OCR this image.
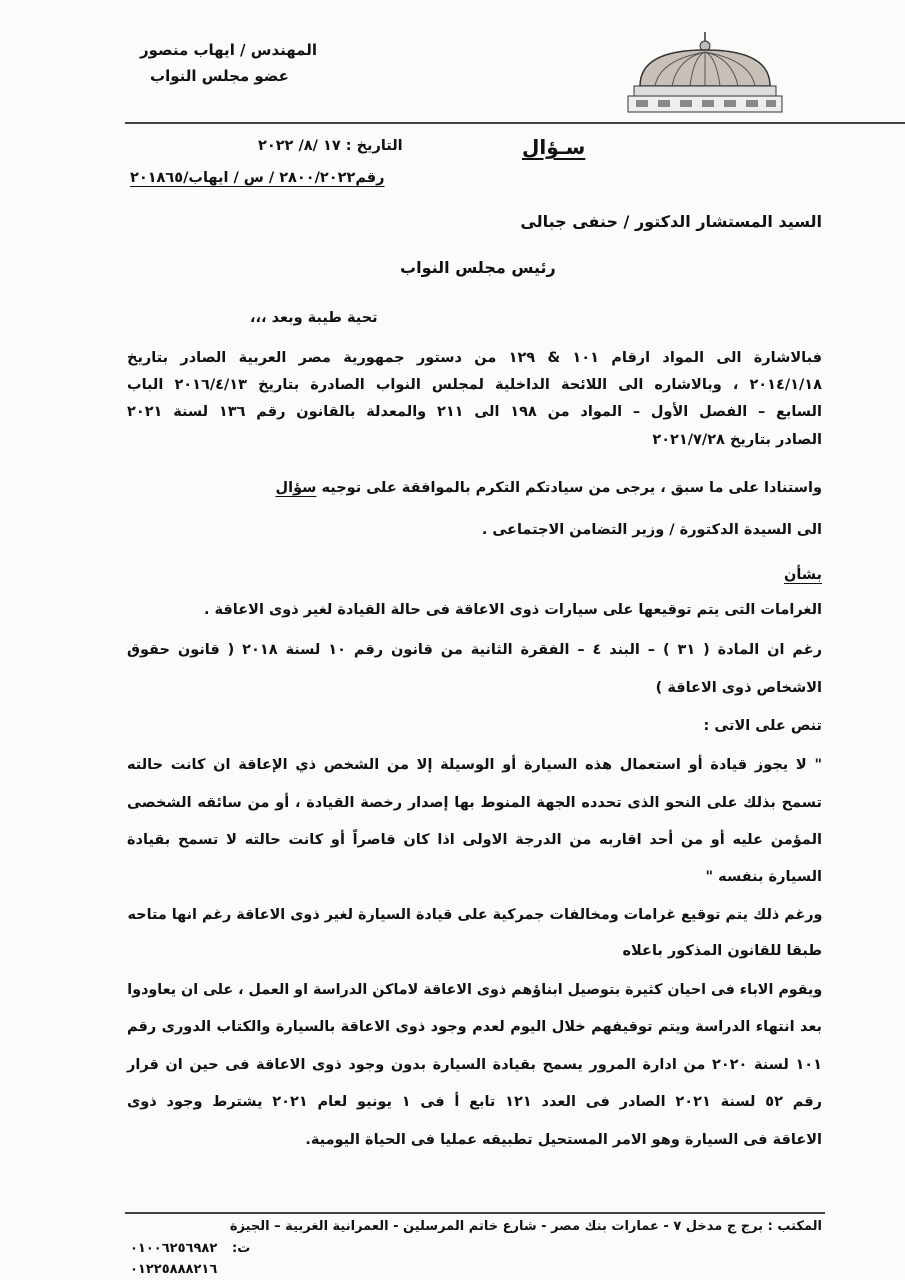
المهندس / ايهاب منصور
عضو مجلس النواب
سـؤال
التاريخ : ١٧ /٨/ ٢٠٢٢
رقم٢٨٠٠/٢٠٢٢ / س / ايهاب/٢٠١٨٦٥
السيد المستشار الدكتور / حنفى جبالى
رئيس مجلس النواب
تحية طيبة وبعد ،،،
فبالاشارة الى المواد ارقام ١٠١ & ١٢٩ من دستور جمهورية مصر العربية الصادر بتاريخ
٢٠١٤/١/١٨ ، وبالاشاره الى اللائحة الداخلية لمجلس النواب الصادرة بتاريخ ٢٠١٦/٤/١٣ الباب
السابع – الفصل الأول – المواد من ١٩٨ الى ٢١١ والمعدلة بالقانون رقم ١٣٦ لسنة ٢٠٢١
الصادر بتاريخ ٢٠٢١/٧/٢٨
واستنادا على ما سبق ، يرجى من سيادتكم التكرم بالموافقة على توجيه سؤال
الى السيدة الدكتورة / وزير التضامن الاجتماعى .
بشأن
الغرامات التى يتم توقيعها على سيارات ذوى الاعاقة فى حالة القيادة لغير ذوى الاعاقة .
رغم ان المادة ( ٣١ ) – البند ٤ – الفقرة الثانية من قانون رقم ١٠ لسنة ٢٠١٨ ( قانون حقوق
الاشخاص ذوى الاعاقة )
تنص على الاتى :
" لا يجوز قيادة أو استعمال هذه السيارة أو الوسيلة إلا من الشخص ذي الإعاقة ان كانت حالته
تسمح بذلك على النحو الذى تحدده الجهة المنوط بها إصدار رخصة القيادة ، أو من سائقه الشخصى
المؤمن عليه أو من أحد اقاربه من الدرجة الاولى اذا كان قاصراً أو كانت حالته لا تسمح بقيادة
السيارة بنفسه "
ورغم ذلك يتم توقيع غرامات ومخالفات جمركية على قيادة السيارة لغير ذوى الاعاقة رغم انها متاحه
طبقا للقانون المذكور باعلاه
ويقوم الاباء فى احيان كثيرة بتوصيل ابناؤهم ذوى الاعاقة لاماكن الدراسة او العمل ، على ان يعاودوا
بعد انتهاء الدراسة ويتم توقيفهم خلال اليوم لعدم وجود ذوى الاعاقة بالسيارة والكتاب الدورى رقم
١٠١ لسنة ٢٠٢٠ من ادارة المرور يسمح بقيادة السيارة بدون وجود ذوى الاعاقة فى حين ان قرار
رقم ٥٢ لسنة ٢٠٢١ الصادر فى العدد ١٢١ تابع أ فى ١ يونيو لعام ٢٠٢١ يشترط وجود ذوى
الاعاقة فى السيارة وهو الامر المستحيل تطبيقه عمليا فى الحياة اليومية.
المكتب : برج ج مدخل ٧ - عمارات بنك مصر - شارع خاتم المرسلين - العمرانية الغربية – الجيزة
ت:
٠١٠٠٦٢٥٦٩٨٢
٠١٢٢٥٨٨٨٢١٦
